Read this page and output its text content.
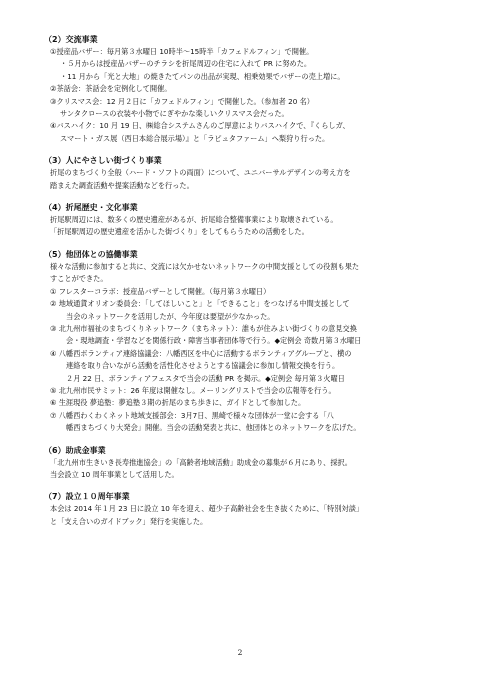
（2）交流事業

①授産品バザー：毎月第３水曜日 10時半〜15時半「カフェドルフィン」で開催。

・５月からは授産品バザーのチラシを折尾周辺の住宅に入れて PR に努めた。

・11 月から「光と大地」の焼きたてパンの出品が実現、相乗効果でバザーの売上増に。

②茶話会：茶話会を定例化して開催。

③クリスマス会：12 月２日に「カフェドルフィン」で開催した。（参加者 20 名）

サンタクロースの衣装や小物でにぎやかな楽しいクリスマス会だった。

④バスハイク：10 月 19 日、㈱総合システムさんのご厚意によりバスハイクで、『くらしガ、

スマート・ガス展（西日本総合展示場）』と「ラピュタファーム」へ梨狩り行った。

（3）人にやさしい街づくり事業

折尾のまちづくり全般（ハード・ソフトの両面）について、ユニバーサルデザインの考え方を

踏まえた調査活動や提案活動などを行った。

（4）折尾歴史・文化事業

折尾駅周辺には、数多くの歴史遺産があるが、折尾総合整備事業により取壊されている。

「折尾駅周辺の歴史遺産を活かした街づくり」をしてもらうための活動をした。

（5）他団体との協働事業

様々な活動に参加すると共に、交流には欠かせないネットワークの中間支援としての役割も果た

すことができた。

① フレスターコラボ：授産品バザーとして開催。（毎月第３水曜日）

② 地域通貨オリオン委員会：「してほしいこと」と「できること」をつなげる中間支援として

当会のネットワークを活用したが、今年度は要望が少なかった。

③ 北九州市福祉のまちづくりネットワーク（まちネット）：誰もが住みよい街づくりの意見交換

会・現地調査・学習などを関係行政・障害当事者団体等で行う。◆定例会 奇数月第３水曜日

④ 八幡西ボランティア連絡協議会：八幡西区を中心に活動するボランティアグループと、横の

連絡を取り合いながら活動を活性化させようとする協議会に参加し情報交換を行う。

２月 22 日、ボランティアフェスタで当会の活動 PR を掲示。◆定例会 毎月第３火曜日

⑤ 北九州市民サミット：26 年度は開催なし。メーリングリストで当会の広報等を行う。

⑥ 生涯現役 夢追塾：夢追塾３期の折尾のまち歩きに、ガイドとして参加した。

⑦ 八幡西わくわくネット地域支援部会：3月7日、黒崎で様々な団体が一堂に会する「八

幡西まちづくり大発会」開催。当会の活動発表と共に、他団体とのネットワークを広げた。

（6）助成金事業

「北九州市生きいき長寿推進協会」の「高齢者地域活動」助成金の募集が６月にあり、採択。

当会設立 10 周年事業として活用した。

（7）設立１０周年事業

本会は 2014 年１月 23 日に設立 10 年を迎え、超少子高齢社会を生き抜くために、「特別対談」

と「支え合いのガイドブック」発行を実施した。

2
